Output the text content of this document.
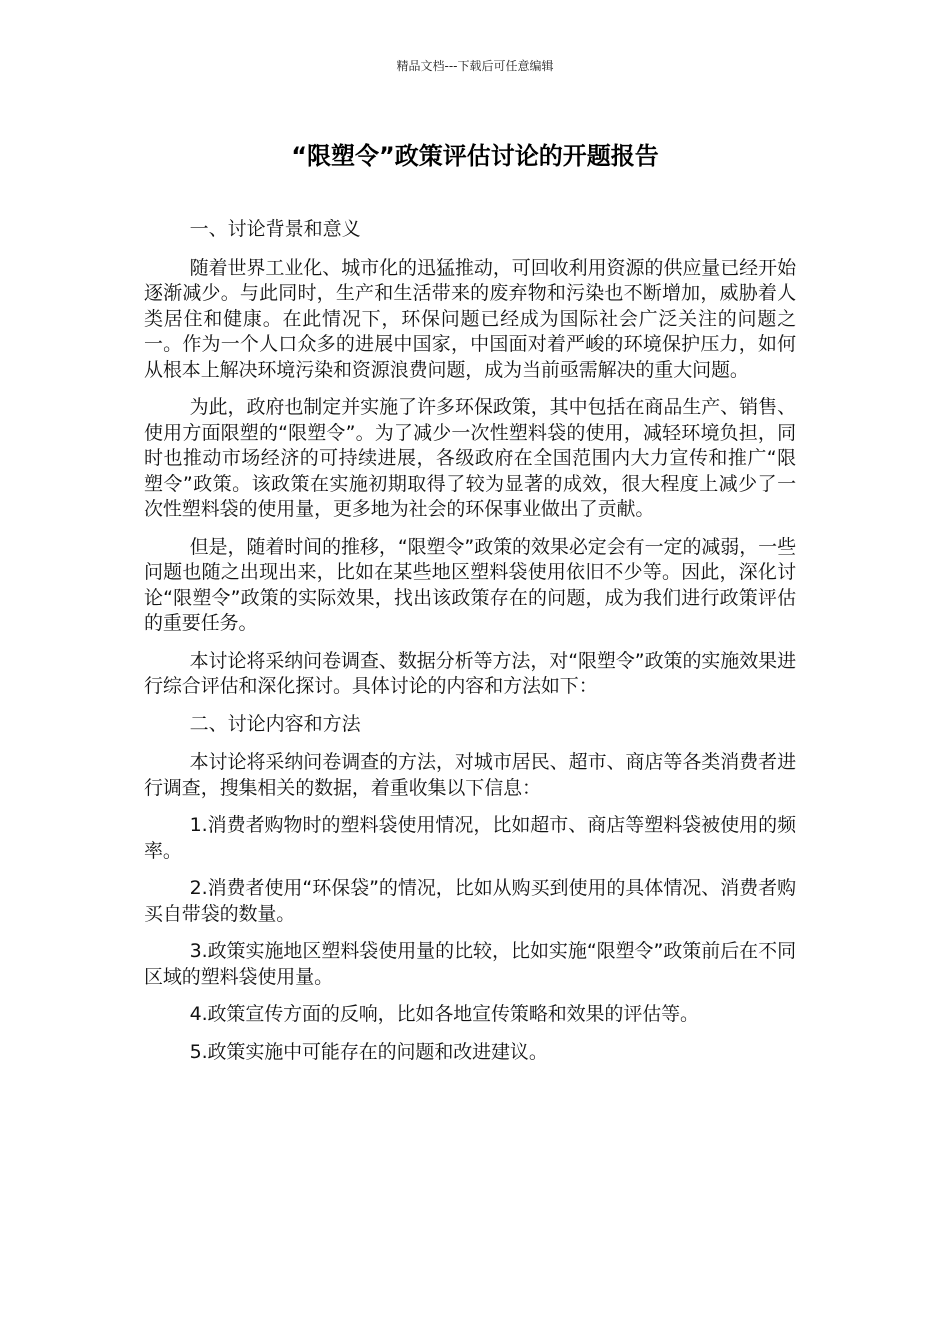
精品文档---下载后可任意编辑
“限塑令”政策评估讨论的开题报告

一、讨论背景和意义

随着世界工业化、城市化的迅猛推动，可回收利用资源的供应量已经开始逐渐减少。与此同时，生产和生活带来的废弃物和污染也不断增加，威胁着人类居住和健康。在此情况下，环保问题已经成为国际社会广泛关注的问题之一。作为一个人口众多的进展中国家，中国面对着严峻的环境保护压力，如何从根本上解决环境污染和资源浪费问题，成为当前亟需解决的重大问题。

为此，政府也制定并实施了许多环保政策，其中包括在商品生产、销售、使用方面限塑的“限塑令”。为了减少一次性塑料袋的使用，减轻环境负担，同时也推动市场经济的可持续进展，各级政府在全国范围内大力宣传和推广“限塑令”政策。该政策在实施初期取得了较为显著的成效，很大程度上减少了一次性塑料袋的使用量，更多地为社会的环保事业做出了贡献。

但是，随着时间的推移，“限塑令”政策的效果必定会有一定的减弱，一些问题也随之出现出来，比如在某些地区塑料袋使用依旧不少等。因此，深化讨论“限塑令”政策的实际效果，找出该政策存在的问题，成为我们进行政策评估的重要任务。

本讨论将采纳问卷调查、数据分析等方法，对“限塑令”政策的实施效果进行综合评估和深化探讨。具体讨论的内容和方法如下：

二、讨论内容和方法

本讨论将采纳问卷调查的方法，对城市居民、超市、商店等各类消费者进行调查，搜集相关的数据，着重收集以下信息：

1.消费者购物时的塑料袋使用情况，比如超市、商店等塑料袋被使用的频率。

2.消费者使用“环保袋”的情况，比如从购买到使用的具体情况、消费者购买自带袋的数量。

3.政策实施地区塑料袋使用量的比较，比如实施“限塑令”政策前后在不同区域的塑料袋使用量。

4.政策宣传方面的反响，比如各地宣传策略和效果的评估等。

5.政策实施中可能存在的问题和改进建议。
